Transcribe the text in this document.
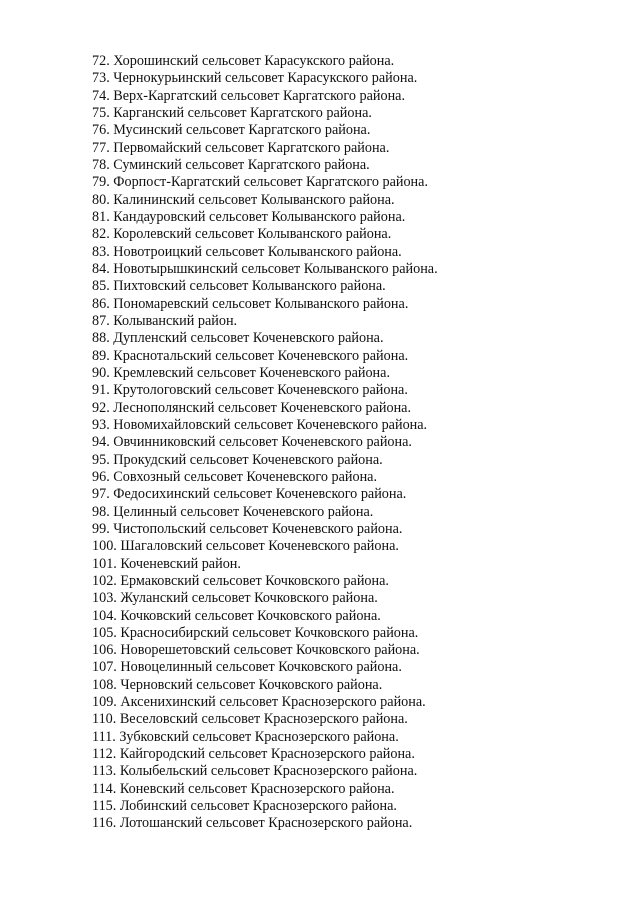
72. Хорошинский сельсовет Карасукского района.
73. Чернокурьинский сельсовет Карасукского района.
74. Верх-Каргатский сельсовет Каргатского района.
75. Карганский сельсовет Каргатского района.
76. Мусинский сельсовет Каргатского района.
77. Первомайский сельсовет Каргатского района.
78. Суминский сельсовет Каргатского района.
79. Форпост-Каргатский сельсовет Каргатского района.
80. Калининский сельсовет Колыванского района.
81. Кандауровский сельсовет Колыванского района.
82. Королевский сельсовет Колыванского района.
83. Новотроицкий сельсовет Колыванского района.
84. Новотырышкинский сельсовет Колыванского района.
85. Пихтовский сельсовет Колыванского района.
86. Пономаревский сельсовет Колыванского района.
87. Колыванский район.
88. Дупленский сельсовет Коченевского района.
89. Краснотальский сельсовет Коченевского района.
90. Кремлевский сельсовет Коченевского района.
91. Крутологовский сельсовет Коченевского района.
92. Леснополянский сельсовет Коченевского района.
93. Новомихайловский сельсовет Коченевского района.
94. Овчинниковский сельсовет Коченевского района.
95. Прокудский сельсовет Коченевского района.
96. Совхозный сельсовет Коченевского района.
97. Федосихинский сельсовет Коченевского района.
98. Целинный сельсовет Коченевского района.
99. Чистопольский сельсовет Коченевского района.
100. Шагаловский сельсовет Коченевского района.
101. Коченевский район.
102. Ермаковский сельсовет Кочковского района.
103. Жуланский сельсовет Кочковского района.
104. Кочковский сельсовет Кочковского района.
105. Красносибирский сельсовет Кочковского района.
106. Новорешетовский сельсовет Кочковского района.
107. Новоцелинный сельсовет Кочковского района.
108. Черновский сельсовет Кочковского района.
109. Аксенихинский сельсовет Краснозерского района.
110. Веселовский сельсовет Краснозерского района.
111. Зубковский сельсовет Краснозерского района.
112. Кайгородский сельсовет Краснозерского района.
113. Колыбельский сельсовет Краснозерского района.
114. Коневский сельсовет Краснозерского района.
115. Лобинский сельсовет Краснозерского района.
116. Лотошанский сельсовет Краснозерского района.
